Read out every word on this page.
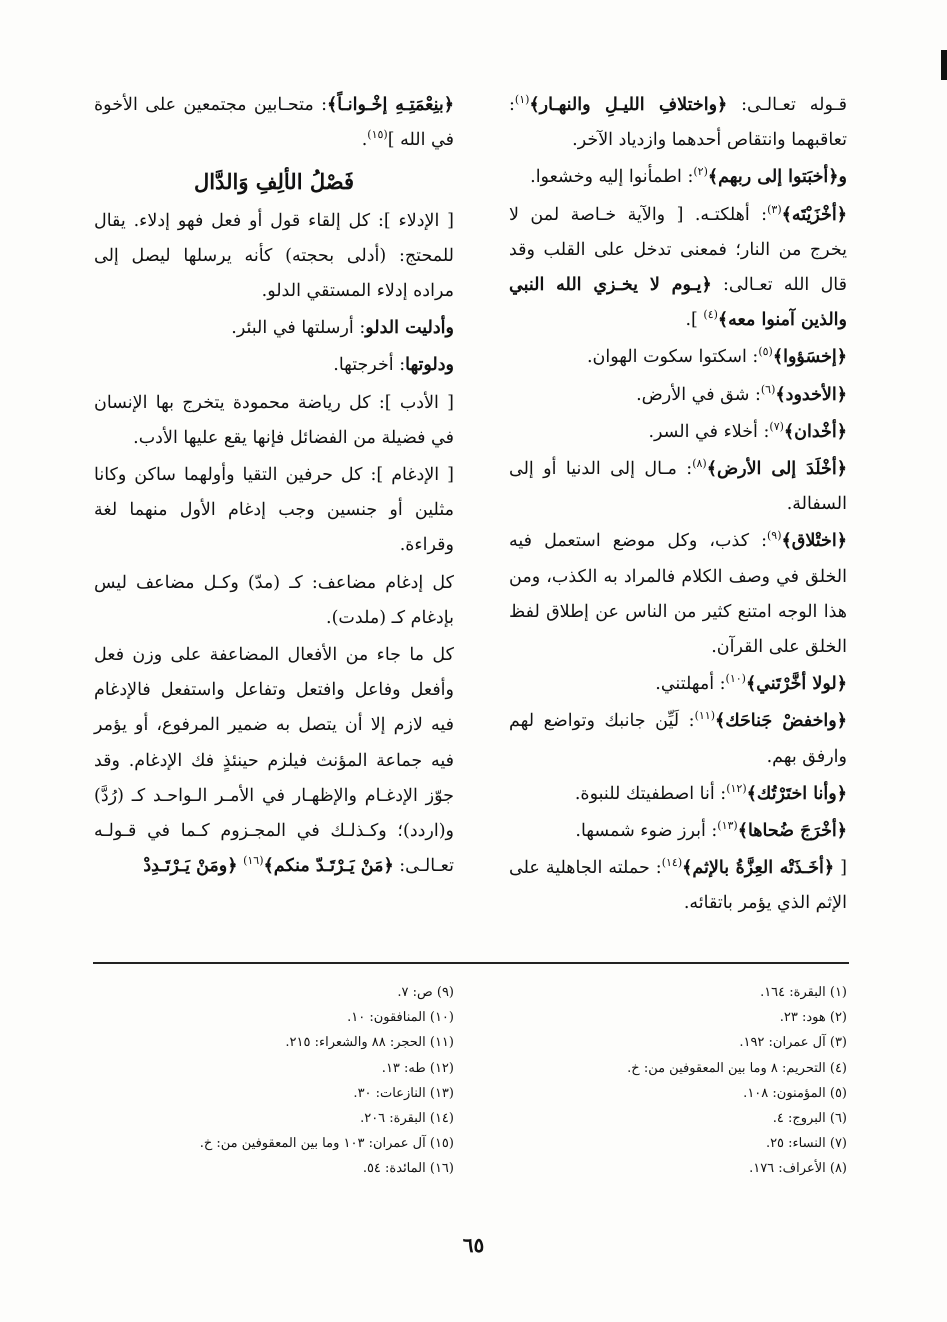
قـوله تعـالـى: ﴿واختلافِ الليـلِ والنهـار﴾$^{(١)}$: تعاقبهما وانتقاص أحدهما وازدياد الآخر.
و﴿أخبَتوا إلى ربهم﴾$^{(٢)}$: اطمأنوا إليه وخشعوا.
﴿أخْزَيْتَه﴾$^{(٣)}$: أهلكتـه. [ والآية خـاصة لمن لا يخرج من النار؛ فمعنى تدخل على القلب وقد قال الله تعـالى: ﴿يـوم لا يخـزي الله النبي والذين آمنوا معه﴾$^{(٤)}$ ].
﴿إخسَؤوا﴾$^{(٥)}$: اسكتوا سكوت الهوان.
﴿الأخدود﴾$^{(٦)}$: شق في الأرض.
﴿أخْدان﴾$^{(٧)}$: أخلاء في السر.
﴿أخْلَدَ إلى الأرض﴾$^{(٨)}$: مـال إلى الدنيا أو إلى السفالة.
﴿اختْلاق﴾$^{(٩)}$: كذب، وكل موضع استعمل فيه الخلق في وصف الكلام فالمراد به الكذب، ومن هذا الوجه امتنع كثير من الناس عن إطلاق لفظ الخلق على القرآن.
﴿لولا أخَّرْتَني﴾$^{(١٠)}$: أمهلتني.
﴿واخفضْ جَناحَك﴾$^{(١١)}$: لَيِّن جانبك وتواضع لهم وارفق بهم.
﴿وأنا اختَرْتُك﴾$^{(١٢)}$: أنا اصطفيتك للنبوة.
﴿أخْرَجَ ضُحاها﴾$^{(١٣)}$: أبرز ضوء شمسها.
[ ﴿أخَـذَتْه العِزَّةُ بالإثم﴾$^{(١٤)}$: حملته الجاهلية على الإثم الذي يؤمر باتقائه.
﴿بنِعْمَتِـهِ إخْـوانـاً﴾: متحـابين مجتمعين على الأخوة في الله ]$^{(١٥)}$.
فَصْلُ الألِفِ وَالدَّال
[ الإدلاء ]: كل إلقاء قول أو فعل فهو إدلاء. يقال للمحتج: (أدلى بحجته) كأنه يرسلها ليصل إلى مراده إدلاء المستقي الدلو.
وأدليت الدلو: أرسلتها في البئر.
ودلوتها: أخرجتها.
[ الأدب ]: كل رياضة محمودة يتخرج بها الإنسان في فضيلة من الفضائل فإنها يقع عليها الأدب.
[ الإدغام ]: كل حرفين التقيا وأولهما ساكن وكانا مثلين أو جنسين وجب إدغام الأول منهما لغة وقراءة.
كل إدغام مضاعف: كـ (مدّ) وكـل مضاعف ليس بإدغام كـ (ملدت).
كل ما جاء من الأفعال المضاعفة على وزن فعل وأفعل وفاعل وافتعل وتفاعل واستفعل فالإدغام فيه لازم إلا أن يتصل به ضمير المرفوع، أو يؤمر فيه جماعة المؤنث فيلزم حينئذٍ فك الإدغام. وقد جوّز الإدغـام والإظهـار في الأمـر الـواحـد كـ (رُدَّ) و(اردد)؛ وكـذلـك في المجـزوم كـما في قـولـه تعـالـى: ﴿مَنْ يَـرْتَـدّ منكم﴾$^{(١٦)}$ ﴿ومَنْ يَـرْتَـدِدْ
(١) البقرة: ١٦٤.
(٢) هود: ٢٣.
(٣) آل عمران: ١٩٢.
(٤) التحريم: ٨ وما بين المعقوفين من: خ.
(٥) المؤمنون: ١٠٨.
(٦) البروج: ٤.
(٧) النساء: ٢٥.
(٨) الأعراف: ١٧٦.
(٩) ص: ٧.
(١٠) المنافقون: ١٠.
(١١) الحجر: ٨٨ والشعراء: ٢١٥.
(١٢) طه: ١٣.
(١٣) النازعات: ٣٠.
(١٤) البقرة: ٢٠٦.
(١٥) آل عمران: ١٠٣ وما بين المعقوفين من: خ.
(١٦) المائدة: ٥٤.
٦٥
